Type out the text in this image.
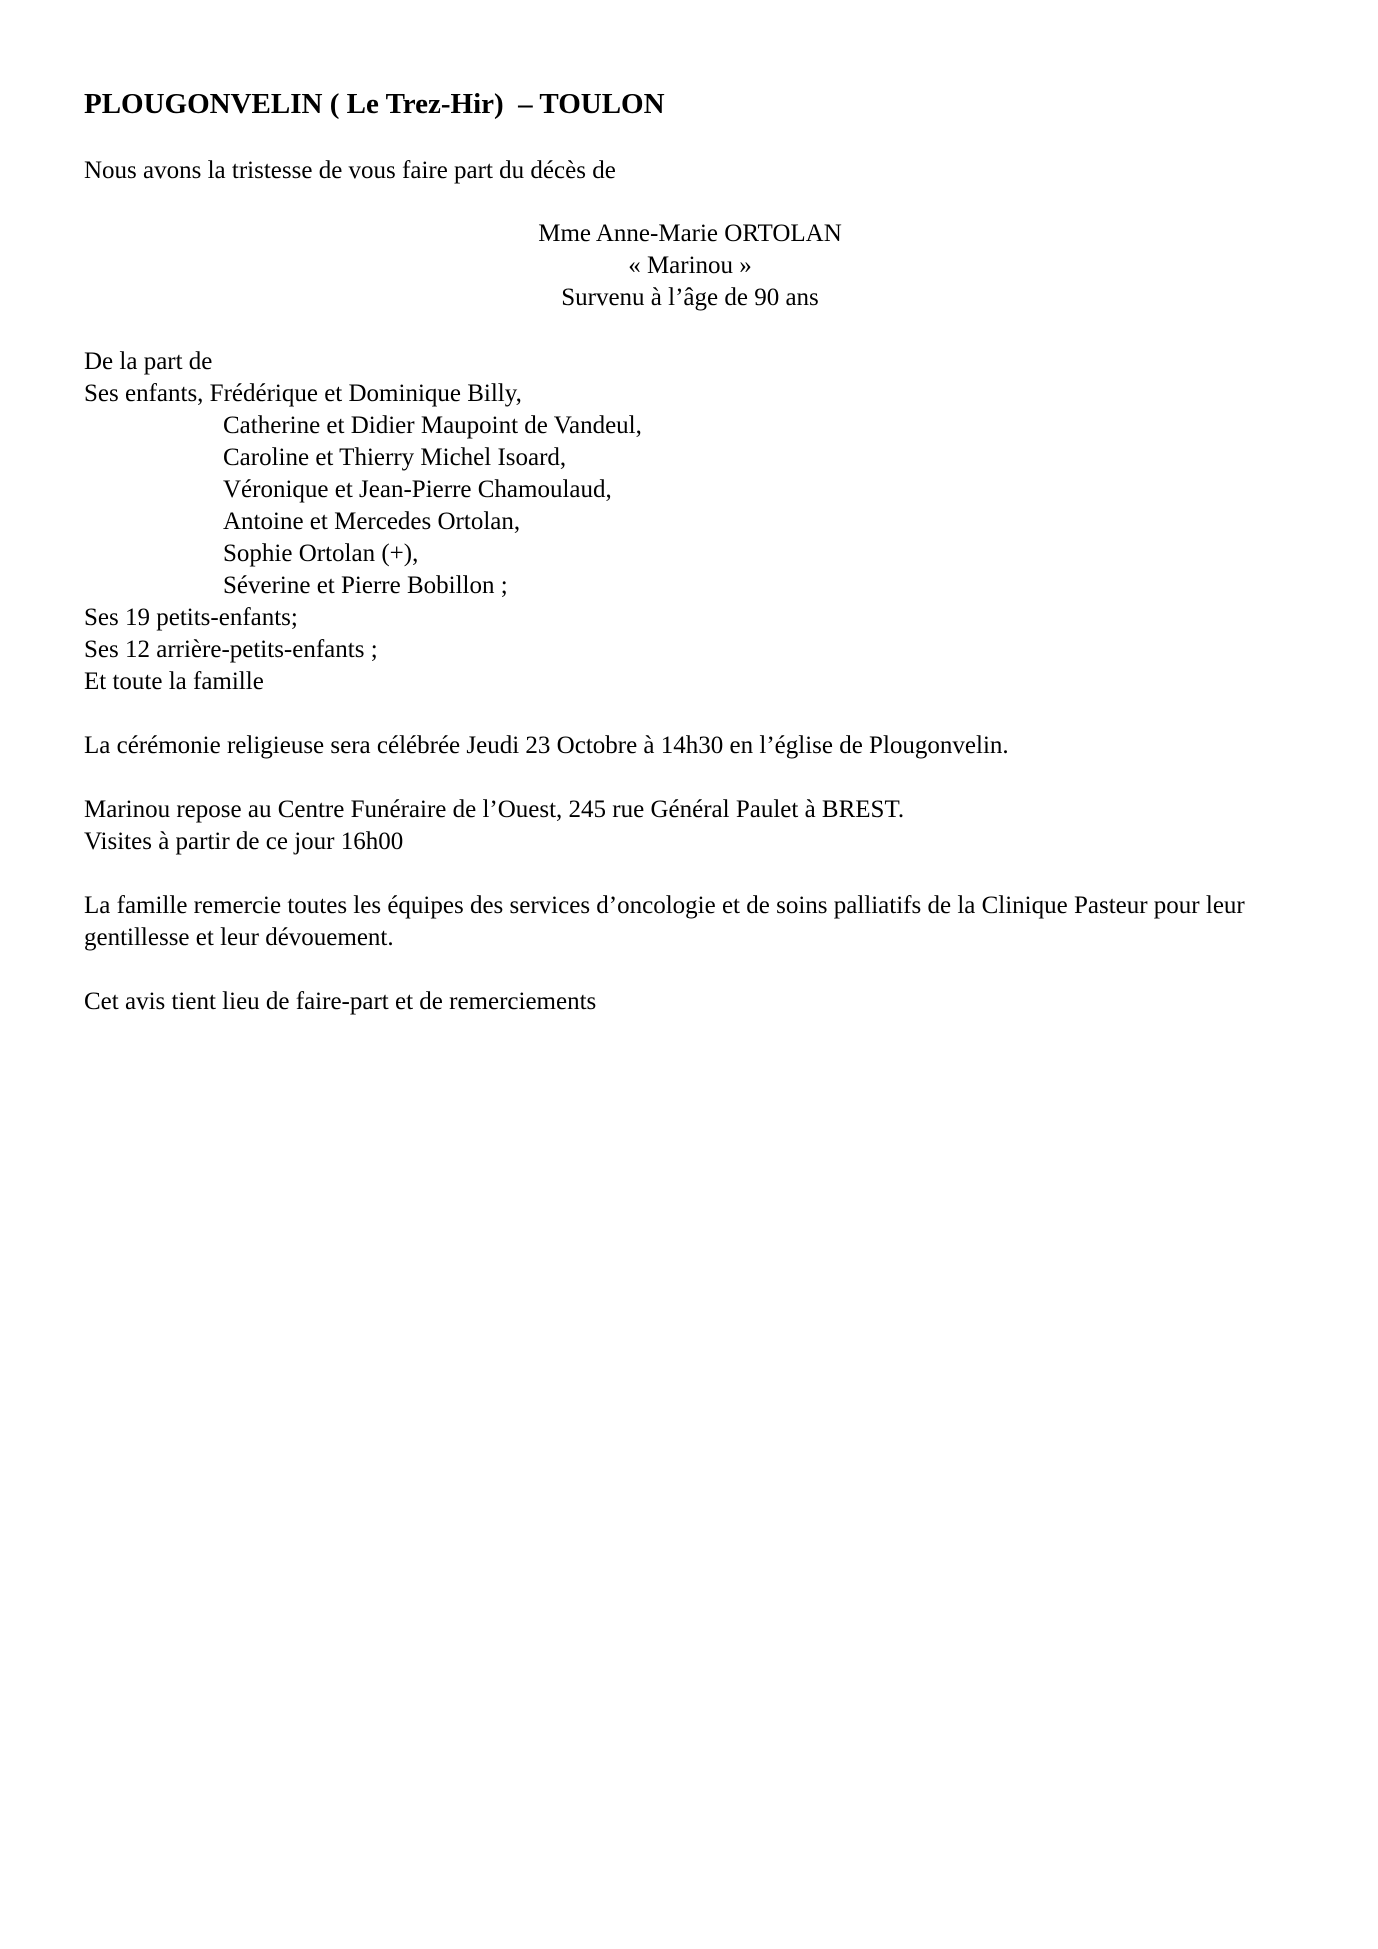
PLOUGONVELIN ( Le Trez-Hir)  – TOULON
Nous avons la tristesse de vous faire part du décès de
Mme Anne-Marie ORTOLAN
« Marinou »
Survenu à l’âge de 90 ans
De la part de
Ses enfants, Frédérique et Dominique Billy,
Catherine et Didier Maupoint de Vandeul,
Caroline et Thierry Michel Isoard,
Véronique et Jean-Pierre Chamoulaud,
Antoine et Mercedes Ortolan,
Sophie Ortolan (+),
Séverine et Pierre Bobillon ;
Ses 19 petits-enfants;
Ses 12 arrière-petits-enfants ;
Et toute la famille
La cérémonie religieuse sera célébrée Jeudi 23 Octobre à 14h30 en l’église de Plougonvelin.
Marinou repose au Centre Funéraire de l’Ouest, 245 rue Général Paulet à BREST.
Visites à partir de ce jour 16h00
La famille remercie toutes les équipes des services d’oncologie et de soins palliatifs de la Clinique Pasteur pour leur gentillesse et leur dévouement.
Cet avis tient lieu de faire-part et de remerciements
